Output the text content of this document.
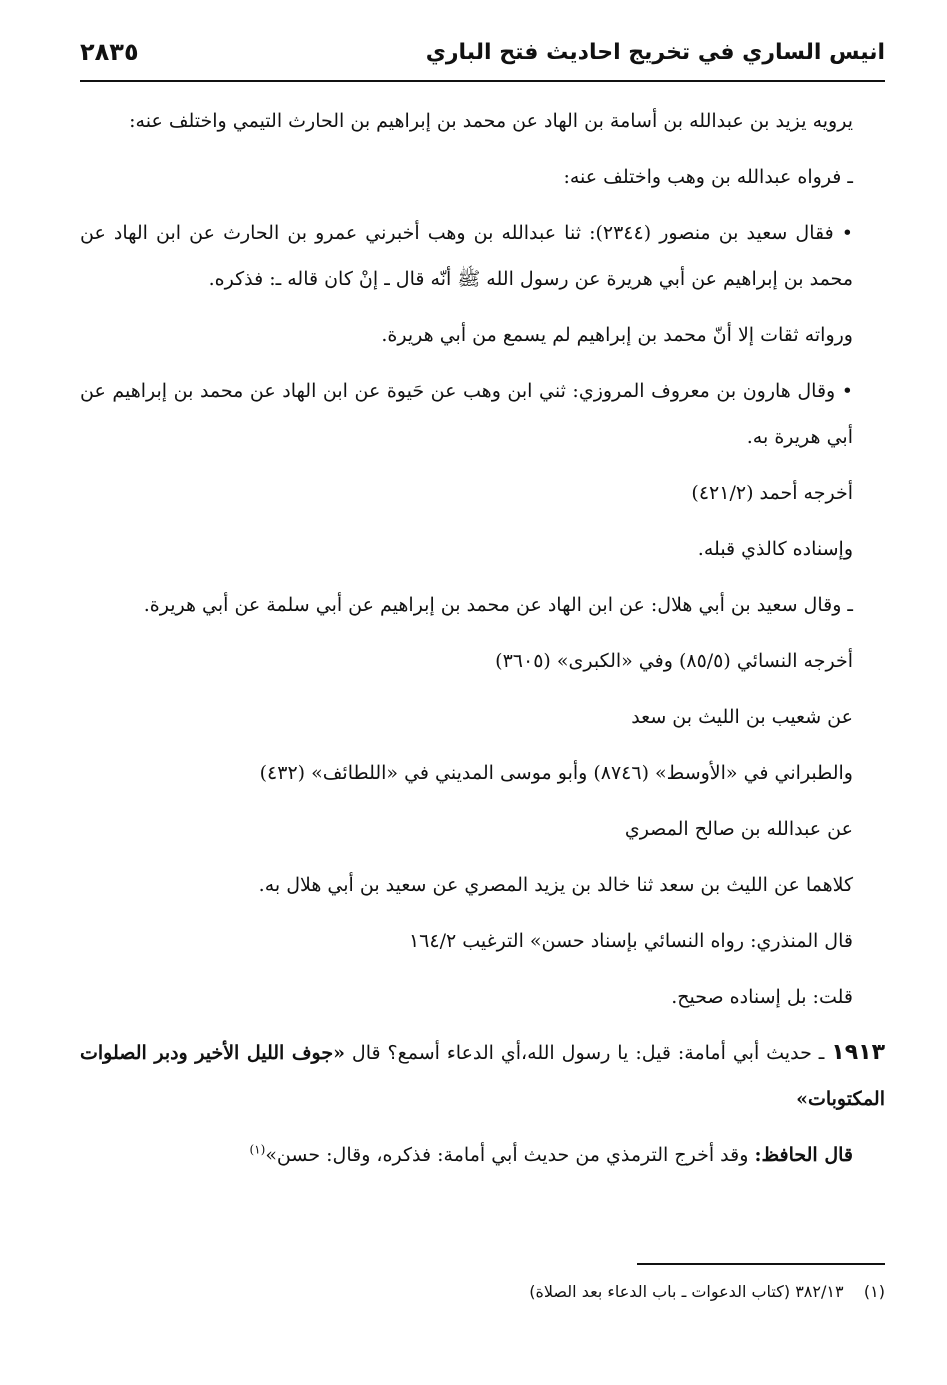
انيس الساري في تخريج احاديث فتح الباري
٢٨٣٥

يرويه يزيد بن عبدالله بن أسامة بن الهاد عن محمد بن إبراهيم بن الحارث التيمي واختلف عنه:

ـ فرواه عبدالله بن وهب واختلف عنه:

• فقال سعيد بن منصور (٢٣٤٤): ثنا عبدالله بن وهب أخبرني عمرو بن الحارث عن ابن الهاد عن محمد بن إبراهيم عن أبي هريرة عن رسول الله ﷺ أنّه قال ـ إنْ كان قاله ـ: فذكره.

ورواته ثقات إلا أنّ محمد بن إبراهيم لم يسمع من أبي هريرة.

• وقال هارون بن معروف المروزي: ثني ابن وهب عن حَيوة عن ابن الهاد عن محمد بن إبراهيم عن أبي هريرة به.

أخرجه أحمد (٤٢١/٢)

وإسناده كالذي قبله.

ـ وقال سعيد بن أبي هلال: عن ابن الهاد عن محمد بن إبراهيم عن أبي سلمة عن أبي هريرة.

أخرجه النسائي (٨٥/٥) وفي «الكبرى» (٣٦٠٥)

عن شعيب بن الليث بن سعد

والطبراني في «الأوسط» (٨٧٤٦) وأبو موسى المديني في «اللطائف» (٤٣٢)

عن عبدالله بن صالح المصري

كلاهما عن الليث بن سعد ثنا خالد بن يزيد المصري عن سعيد بن أبي هلال به.

قال المنذري: رواه النسائي بإسناد حسن» الترغيب ١٦٤/٢

قلت: بل إسناده صحيح.

١٩١٣ ـ حديث أبي أمامة: قيل: يا رسول الله،أي الدعاء أسمع؟ قال «جوف الليل الأخير ودبر الصلوات المكتوبات»

قال الحافظ: وقد أخرج الترمذي من حديث أبي أمامة: فذكره، وقال: حسن»$^{(١)}$

(١)    ٣٨٢/١٣ (كتاب الدعوات ـ باب الدعاء بعد الصلاة)
